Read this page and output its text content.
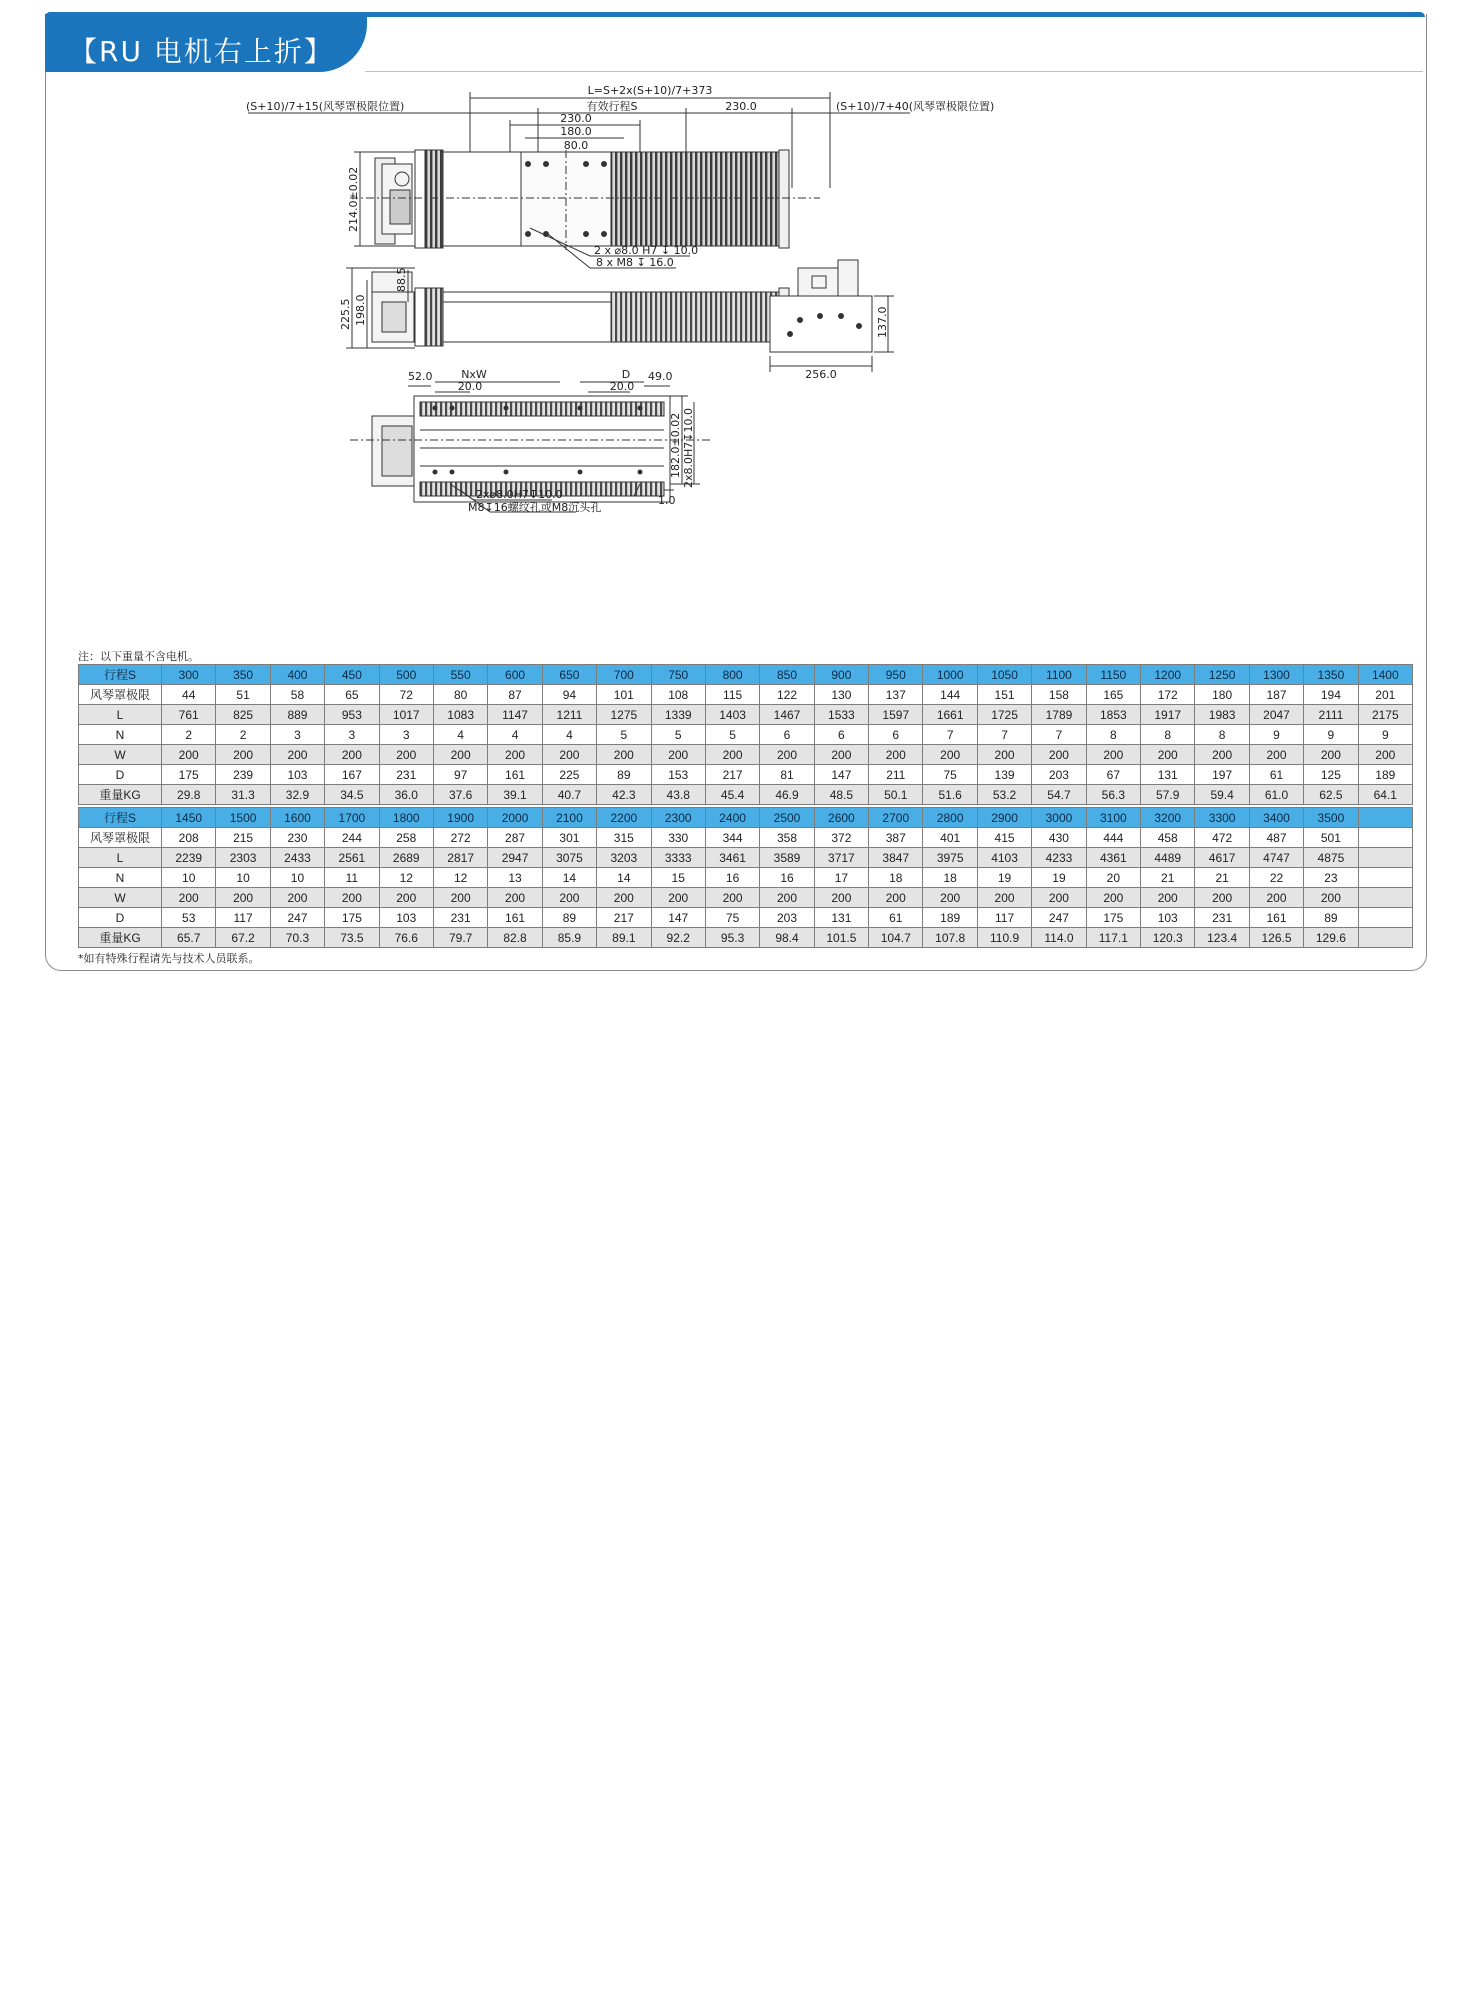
【RU 电机右上折】
L=S+2x(S+10)/7+373
(S+10)/7+15(风琴罩极限位置)	有效行程S	230.0	(S+10)/7+40(风琴罩极限位置)
230.0
180.0
80.0
214.0±0.02
2 x ⌀8.0 H7 ↧ 10.0
8 x M8 ↧ 16.0
225.5 198.0
88.5
137.0
256.0
52.0	NxW
20.0
D
20.0
49.0
182.0±0.02 2x8.0H7↧10.0
1.0
2x⌀8.0H7↧10.0
M8↧16螺纹孔或M8沉头孔
注：以下重量不含电机。
行程S	300	350	400	450	500	550	600	650	700	750	800	850	900	950	1000	1050	1100	1150	1200	1250	1300	1350	1400
风琴罩极限	44	51	58	65	72	80	87	94	101	108	115	122	130	137	144	151	158	165	172	180	187	194	201
L	761	825	889	953	1017	1083	1147	1211	1275	1339	1403	1467	1533	1597	1661	1725	1789	1853	1917	1983	2047	2111	2175
N	2	2	3	3	3	4	4	4	5	5	5	6	6	6	7	7	7	8	8	8	9	9	9
W	200	200	200	200	200	200	200	200	200	200	200	200	200	200	200	200	200	200	200	200	200	200	200
D	175	239	103	167	231	97	161	225	89	153	217	81	147	211	75	139	203	67	131	197	61	125	189
重量KG	29.8	31.3	32.9	34.5	36.0	37.6	39.1	40.7	42.3	43.8	45.4	46.9	48.5	50.1	51.6	53.2	54.7	56.3	57.9	59.4	61.0	62.5	64.1
行程S	1450	1500	1600	1700	1800	1900	2000	2100	2200	2300	2400	2500	2600	2700	2800	2900	3000	3100	3200	3300	3400	3500	
风琴罩极限	208	215	230	244	258	272	287	301	315	330	344	358	372	387	401	415	430	444	458	472	487	501	
L	2239	2303	2433	2561	2689	2817	2947	3075	3203	3333	3461	3589	3717	3847	3975	4103	4233	4361	4489	4617	4747	4875	
N	10	10	10	11	12	12	13	14	14	15	16	16	17	18	18	19	19	20	21	21	22	23	
W	200	200	200	200	200	200	200	200	200	200	200	200	200	200	200	200	200	200	200	200	200	200	
D	53	117	247	175	103	231	161	89	217	147	75	203	131	61	189	117	247	175	103	231	161	89	
重量KG	65.7	67.2	70.3	73.5	76.6	79.7	82.8	85.9	89.1	92.2	95.3	98.4	101.5	104.7	107.8	110.9	114.0	117.1	120.3	123.4	126.5	129.6	
*如有特殊行程请先与技术人员联系。
